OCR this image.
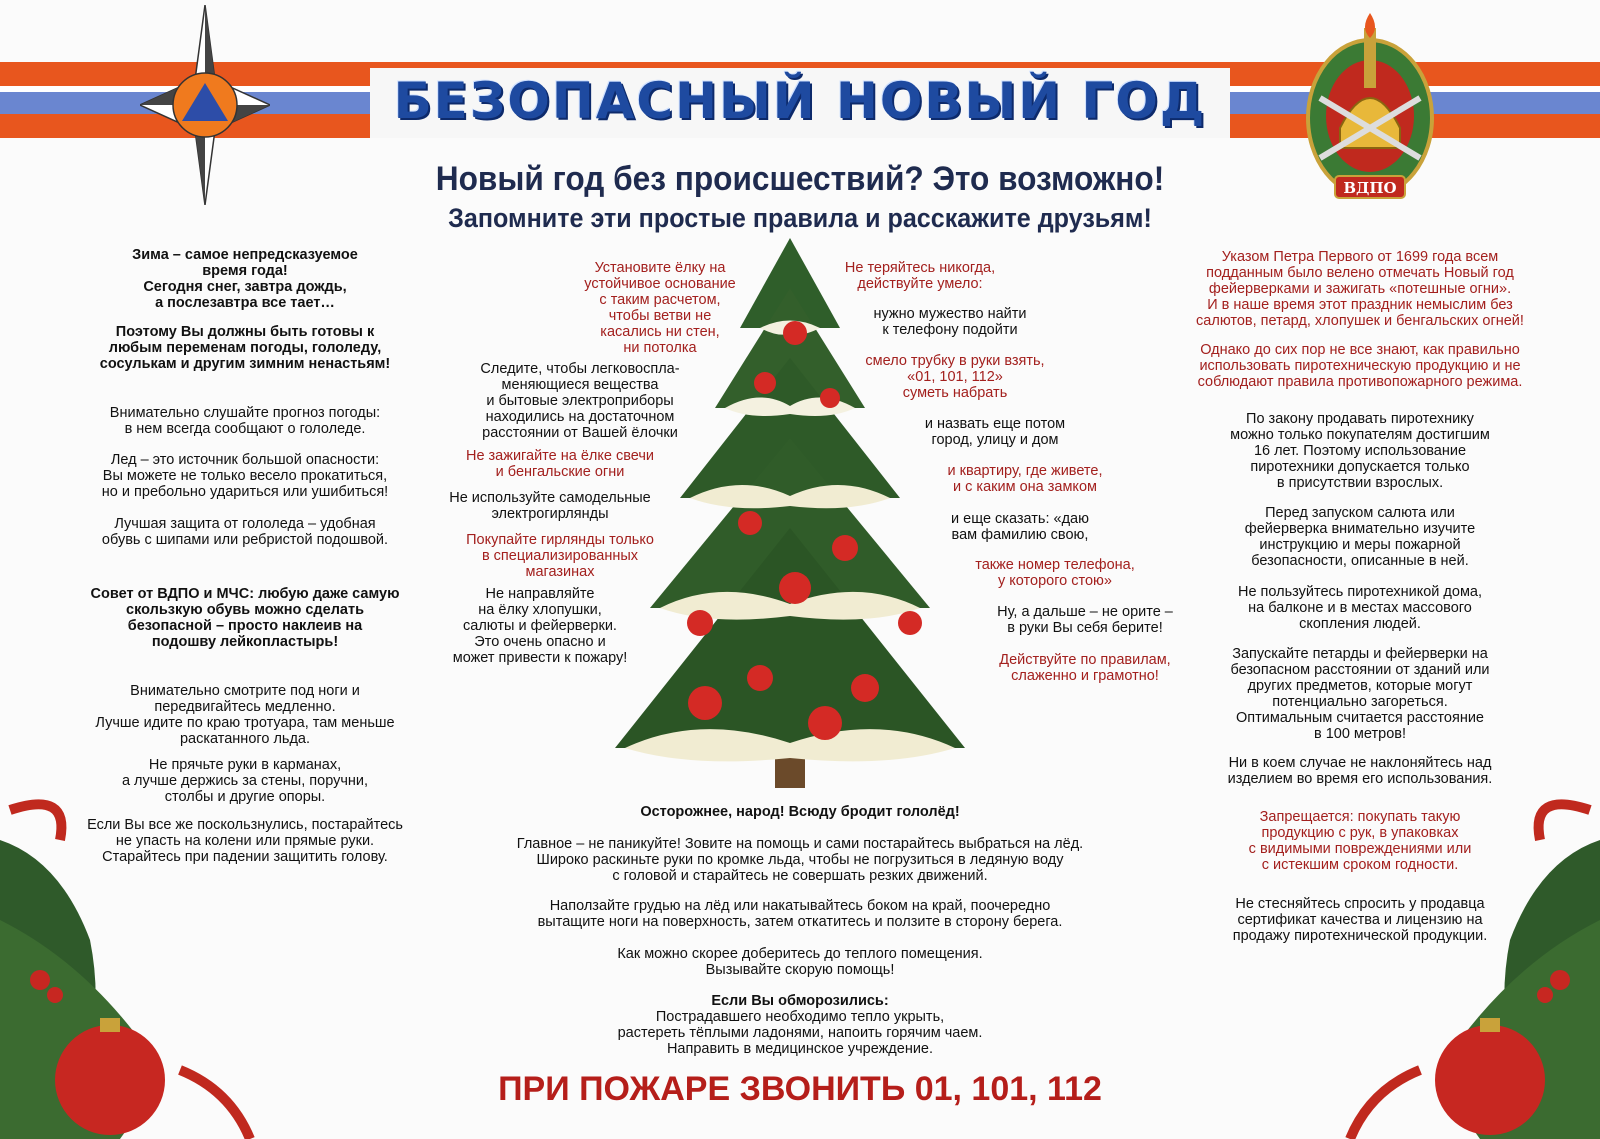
БЕЗОПАСНЫЙ НОВЫЙ ГОД
ВДПО
Новый год без происшествий? Это возможно!
Запомните эти простые правила и расскажите друзьям!
Зима – самое непредсказуемое
время года!
Сегодня снег, завтра дождь,
а послезавтра все тает…
Поэтому Вы должны быть готовы к
любым переменам погоды, гололеду,
сосулькам и другим зимним ненастьям!
Внимательно слушайте прогноз погоды:
в нем всегда сообщают о гололеде.
Лед – это источник большой опасности:
Вы можете не только весело прокатиться,
но и пребольно удариться или ушибиться!
Лучшая защита от гололеда – удобная
обувь с шипами или ребристой подошвой.
Совет от ВДПО и МЧС: любую даже самую
скользкую обувь можно сделать
безопасной – просто наклеив на
подошву лейкопластырь!
Внимательно смотрите под ноги и
передвигайтесь медленно.
Лучше идите по краю тротуара, там меньше
раскатанного льда.
Не прячьте руки в карманах,
а лучше держись за стены, поручни,
столбы и другие опоры.
Если Вы все же поскользнулись, постарайтесь
не упасть на колени или прямые руки.
Старайтесь при падении защитить голову.
Установите ёлку на
устойчивое основание
с таким расчетом,
чтобы ветви не
касались ни стен,
ни потолка
Следите, чтобы легковоспла-
меняющиеся вещества
и бытовые электроприборы
находились на достаточном
расстоянии от Вашей ёлочки
Не зажигайте на ёлке свечи
и бенгальские огни
Не используйте самодельные
электрогирлянды
Покупайте гирлянды только
в специализированных
магазинах
Не направляйте
на ёлку хлопушки,
салюты и фейерверки.
Это очень опасно и
может привести к пожару!
Не теряйтесь никогда,
действуйте умело:
нужно мужество найти
к телефону подойти
смело трубку в руки взять,
«01, 101, 112»
суметь набрать
и назвать еще потом
город, улицу и дом
и квартиру, где живете,
и с каким она замком
и еще сказать: «даю
вам фамилию свою,
также номер телефона,
у которого стою»
Ну, а дальше – не орите –
в руки Вы себя берите!
Действуйте по правилам,
слаженно и грамотно!
Осторожнее, народ! Всюду бродит гололёд!
Главное – не паникуйте! Зовите на помощь и сами постарайтесь выбраться на лёд.
Широко раскиньте руки по кромке льда, чтобы не погрузиться в ледяную воду
с головой и старайтесь не совершать резких движений.
Наползайте грудью на лёд или накатывайтесь боком на край, поочередно
вытащите ноги на поверхность, затем откатитесь и ползите в сторону берега.
Как можно скорее доберитесь до теплого помещения.
Вызывайте скорую помощь!
Если Вы обморозились:
Пострадавшего необходимо тепло укрыть,
растереть тёплыми ладонями, напоить горячим чаем.
Направить в медицинское учреждение.
Указом Петра Первого от 1699 года всем
подданным было велено отмечать Новый год
фейерверками и зажигать «потешные огни».
И в наше время этот праздник немыслим без
салютов, петард, хлопушек и бенгальских огней!
Однако до сих пор не все знают, как правильно
использовать пиротехническую продукцию и не
соблюдают правила противопожарного режима.
По закону продавать пиротехнику
можно только покупателям достигшим
16 лет. Поэтому использование
пиротехники допускается только
в присутствии взрослых.
Перед запуском салюта или
фейерверка внимательно изучите
инструкцию и меры пожарной
безопасности, описанные в ней.
Не пользуйтесь пиротехникой дома,
на балконе и в местах массового
скопления людей.
Запускайте петарды и фейерверки на
безопасном расстоянии от зданий или
других предметов, которые могут
потенциально загореться.
Оптимальным считается расстояние
в 100 метров!
Ни в коем случае не наклоняйтесь над
изделием во время его использования.
Запрещается: покупать такую
продукцию с рук, в упаковках
с видимыми повреждениями или
с истекшим сроком годности.
Не стесняйтесь спросить у продавца
сертификат качества и лицензию на
продажу пиротехнической продукции.
ПРИ ПОЖАРЕ ЗВОНИТЬ 01, 101, 112
